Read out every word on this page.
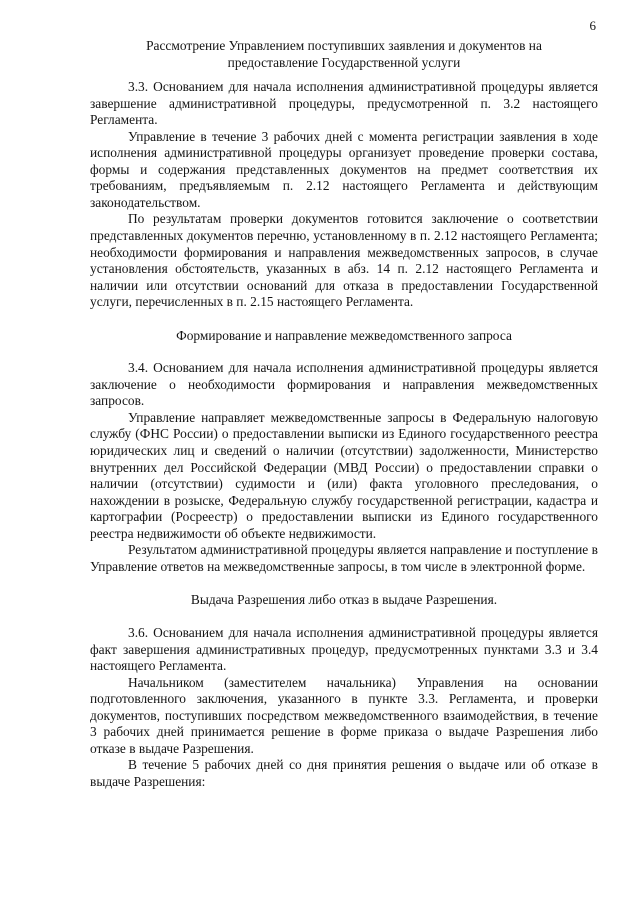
6

Рассмотрение Управлением поступивших заявления и документов на
предоставление Государственной услуги

3.3. Основанием для начала исполнения административной процедуры является завершение административной процедуры, предусмотренной п. 3.2 настоящего Регламента.

Управление в течение 3 рабочих дней с момента регистрации заявления в ходе исполнения административной процедуры организует проведение проверки состава, формы и содержания представленных документов на предмет соответствия их требованиям, предъявляемым п. 2.12 настоящего Регламента и действующим законодательством.

По результатам проверки документов готовится заключение о соответствии представленных документов перечню, установленному в п. 2.12 настоящего Регламента; необходимости формирования и направления межведомственных запросов, в случае установления обстоятельств, указанных в абз. 14 п. 2.12 настоящего Регламента и наличии или отсутствии оснований для отказа в предоставлении Государственной услуги, перечисленных в п. 2.15 настоящего Регламента.

Формирование и направление межведомственного запроса

3.4. Основанием для начала исполнения административной процедуры является заключение о необходимости формирования и направления межведомственных запросов.

Управление направляет межведомственные запросы в Федеральную налоговую службу (ФНС России) о предоставлении выписки из Единого государственного реестра юридических лиц и сведений о наличии (отсутствии) задолженности, Министерство внутренних дел Российской Федерации (МВД России) о предоставлении справки о наличии (отсутствии) судимости и (или) факта уголовного преследования, о нахождении в розыске, Федеральную службу государственной регистрации, кадастра и картографии (Росреестр) о предоставлении выписки из Единого государственного реестра недвижимости об объекте недвижимости.

Результатом административной процедуры является направление и поступление в Управление ответов на межведомственные запросы, в том числе в электронной форме.

Выдача Разрешения либо отказ в выдаче Разрешения.

3.6. Основанием для начала исполнения административной процедуры является факт завершения административных процедур, предусмотренных пунктами 3.3 и 3.4 настоящего Регламента.

Начальником (заместителем начальника) Управления на основании подготовленного заключения, указанного в пункте 3.3. Регламента, и проверки документов, поступивших посредством межведомственного взаимодействия, в течение 3 рабочих дней принимается решение в форме приказа о выдаче Разрешения либо отказе в выдаче Разрешения.

В течение 5 рабочих дней со дня принятия решения о выдаче или об отказе в выдаче Разрешения:
